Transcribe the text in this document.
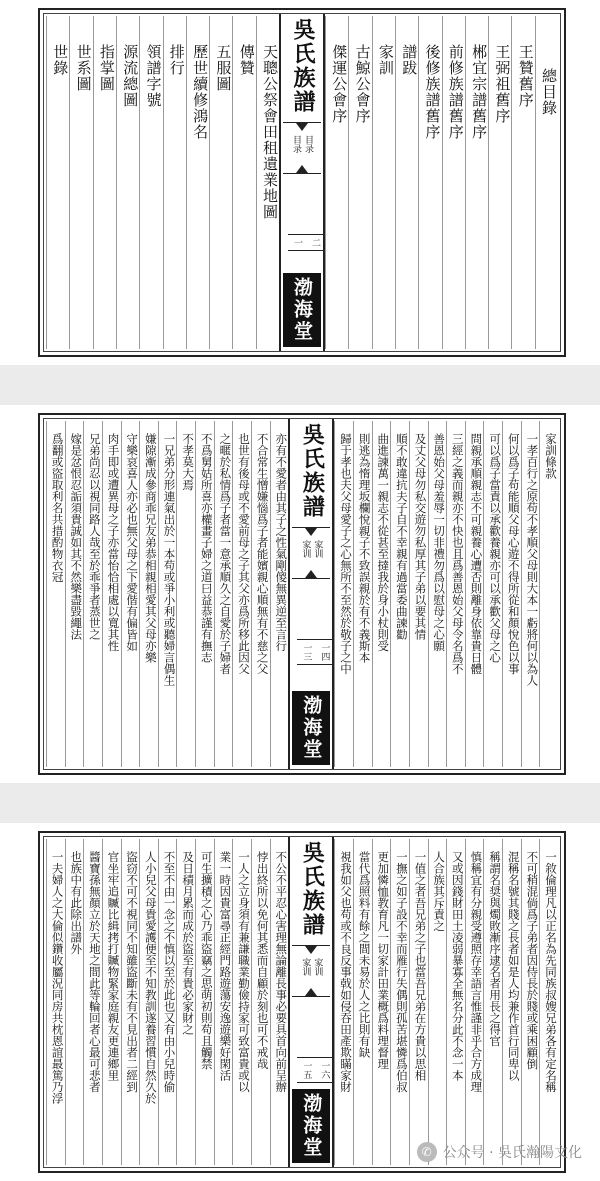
總目錄
王贊舊序
王弼祖舊序
郴宜宗譜舊序
前修族譜舊序
後修族譜舊序
譜跋
家訓
古鯨公會序
傑運公會序
吳氏族譜
目录
目录
一 二
渤海堂
天聰公祭會田租遺業地圖
傳贊
五服圖
歷世續修鴻名
排行
領譜字號
源流總圖
指掌圖
世系圖
世錄
家訓條款
一孝百行之原苟不孝順父母則大本一虧將何以為人
何以爲子苟能順父母心遊不得所從和顏悅色以事
可以爲子當責以承歡養親亦可以承歡父母之心
問親承順親志不可親養心遭否則離身依靠貴日體
三經之義而親亦不快也且爲善恩始父母令名爲不
善恩始父母羞辱一切非禮勿爲以慰母之心願
及丈父母勿私交遊勿私厚其子弟以要其情
順不敢違抗夫子自不幸親有過當委曲諫勸
曲進諫萬一親志不從甚至撻我於身小杖則受
則逃為惰理坂欄悅親子不致誤親於有不義斯本
歸于孝也夫父母愛子之心無所不至然於敬子之中
吳氏族譜
家训
家训
一三 一四
渤海堂
亦有不愛者由其子之性氣剛傻無異逆至言行
不合常生憎嫌惱爲子者能嬪親心順無有不慈之父
也世有後母或不愛前母之子其父亦爲所移此因父
之暱於私情爲子者當一意承順久之自愛於子婦者
不爲舅姑所喜亦權畫子婦之道曰益恭謹有撫志
不孝莫大焉
一兄弟分形連氣出於一本苟或爭小利或聽婦言偶生
嫌隙漸成參商乖兄友弟恭相親相愛其父母亦樂
守樂哀喜人亦必也無父母之下愛偕有偏皆如
肉手即或遭異母之子亦當怡恰相處以寬其性
兄弟尚忍以視同路人哉至於乖爭者蒸世之
嫁是忿恨忍詬須貴誠如其不然樂盡毀繩法
爲翻或盜取利名共措酌物衣冠
一敘倫理凡以正名為先同族叔嫂兄弟各有定名稱
不可稍混倘爲子弟者因侍長於賤或乘困顧倒
混稱名號其賤之長者如是人均兼作首行同卑以
稱謂名奨與燭敗漸序逮名者用長之得官
慎稱宜有分親受遵照存幸語言惟謹非乎合方成理
又或因錢財田土凌弱暴寡全無名分此不念一本
人合族其斥責之
一值之者吾兄弟之子也當吾兄弟在方貴以思相
一撫之如子設不幸而雁行失偶則孤苦堪憐爲伯叔
更加憐恤教育凡一切家計田業概爲料理督理
當代爲照料有餘之間未易於人之比則有缺
視我如父也苟或不良反事戟如侵吞田產欺瞞家財
吳氏族譜
家训
家训
一五 一六
渤海堂
不公不平忍心害理無論離長事必要具首向前呈辦
悖出終所以免何其悉而自顧於刻也可不戒哉
一人之立身須有兼謙職業勤儉持家可致富貴或以
業一時因貴富尋正經門路遊蕩安逸遊樂好閑活
可生擴積之心乃乖盜竊之思萌初則苟且觸禁
及日積月累而成於盜至有貴必家財之
不至不由一念之不慎以至於此也又有由小兒時偷
人小兒父母貴愛護便至不知教訓遂養習慣自然久於
盜窃不可不視同不知雖盜斷未有不見出者二經到
官坐牢追贓比緝拷打贓物緊家庭親友更連鄉里
醬寶孫無顏立於天地之間此等輪回者心最可悲者
也族中有此除出譜外
一夫婦人之大倫似鑽收屬況同房共枕恩誼最篤乃浮
✆ 公众号 · 吳氏瀚陽文化
